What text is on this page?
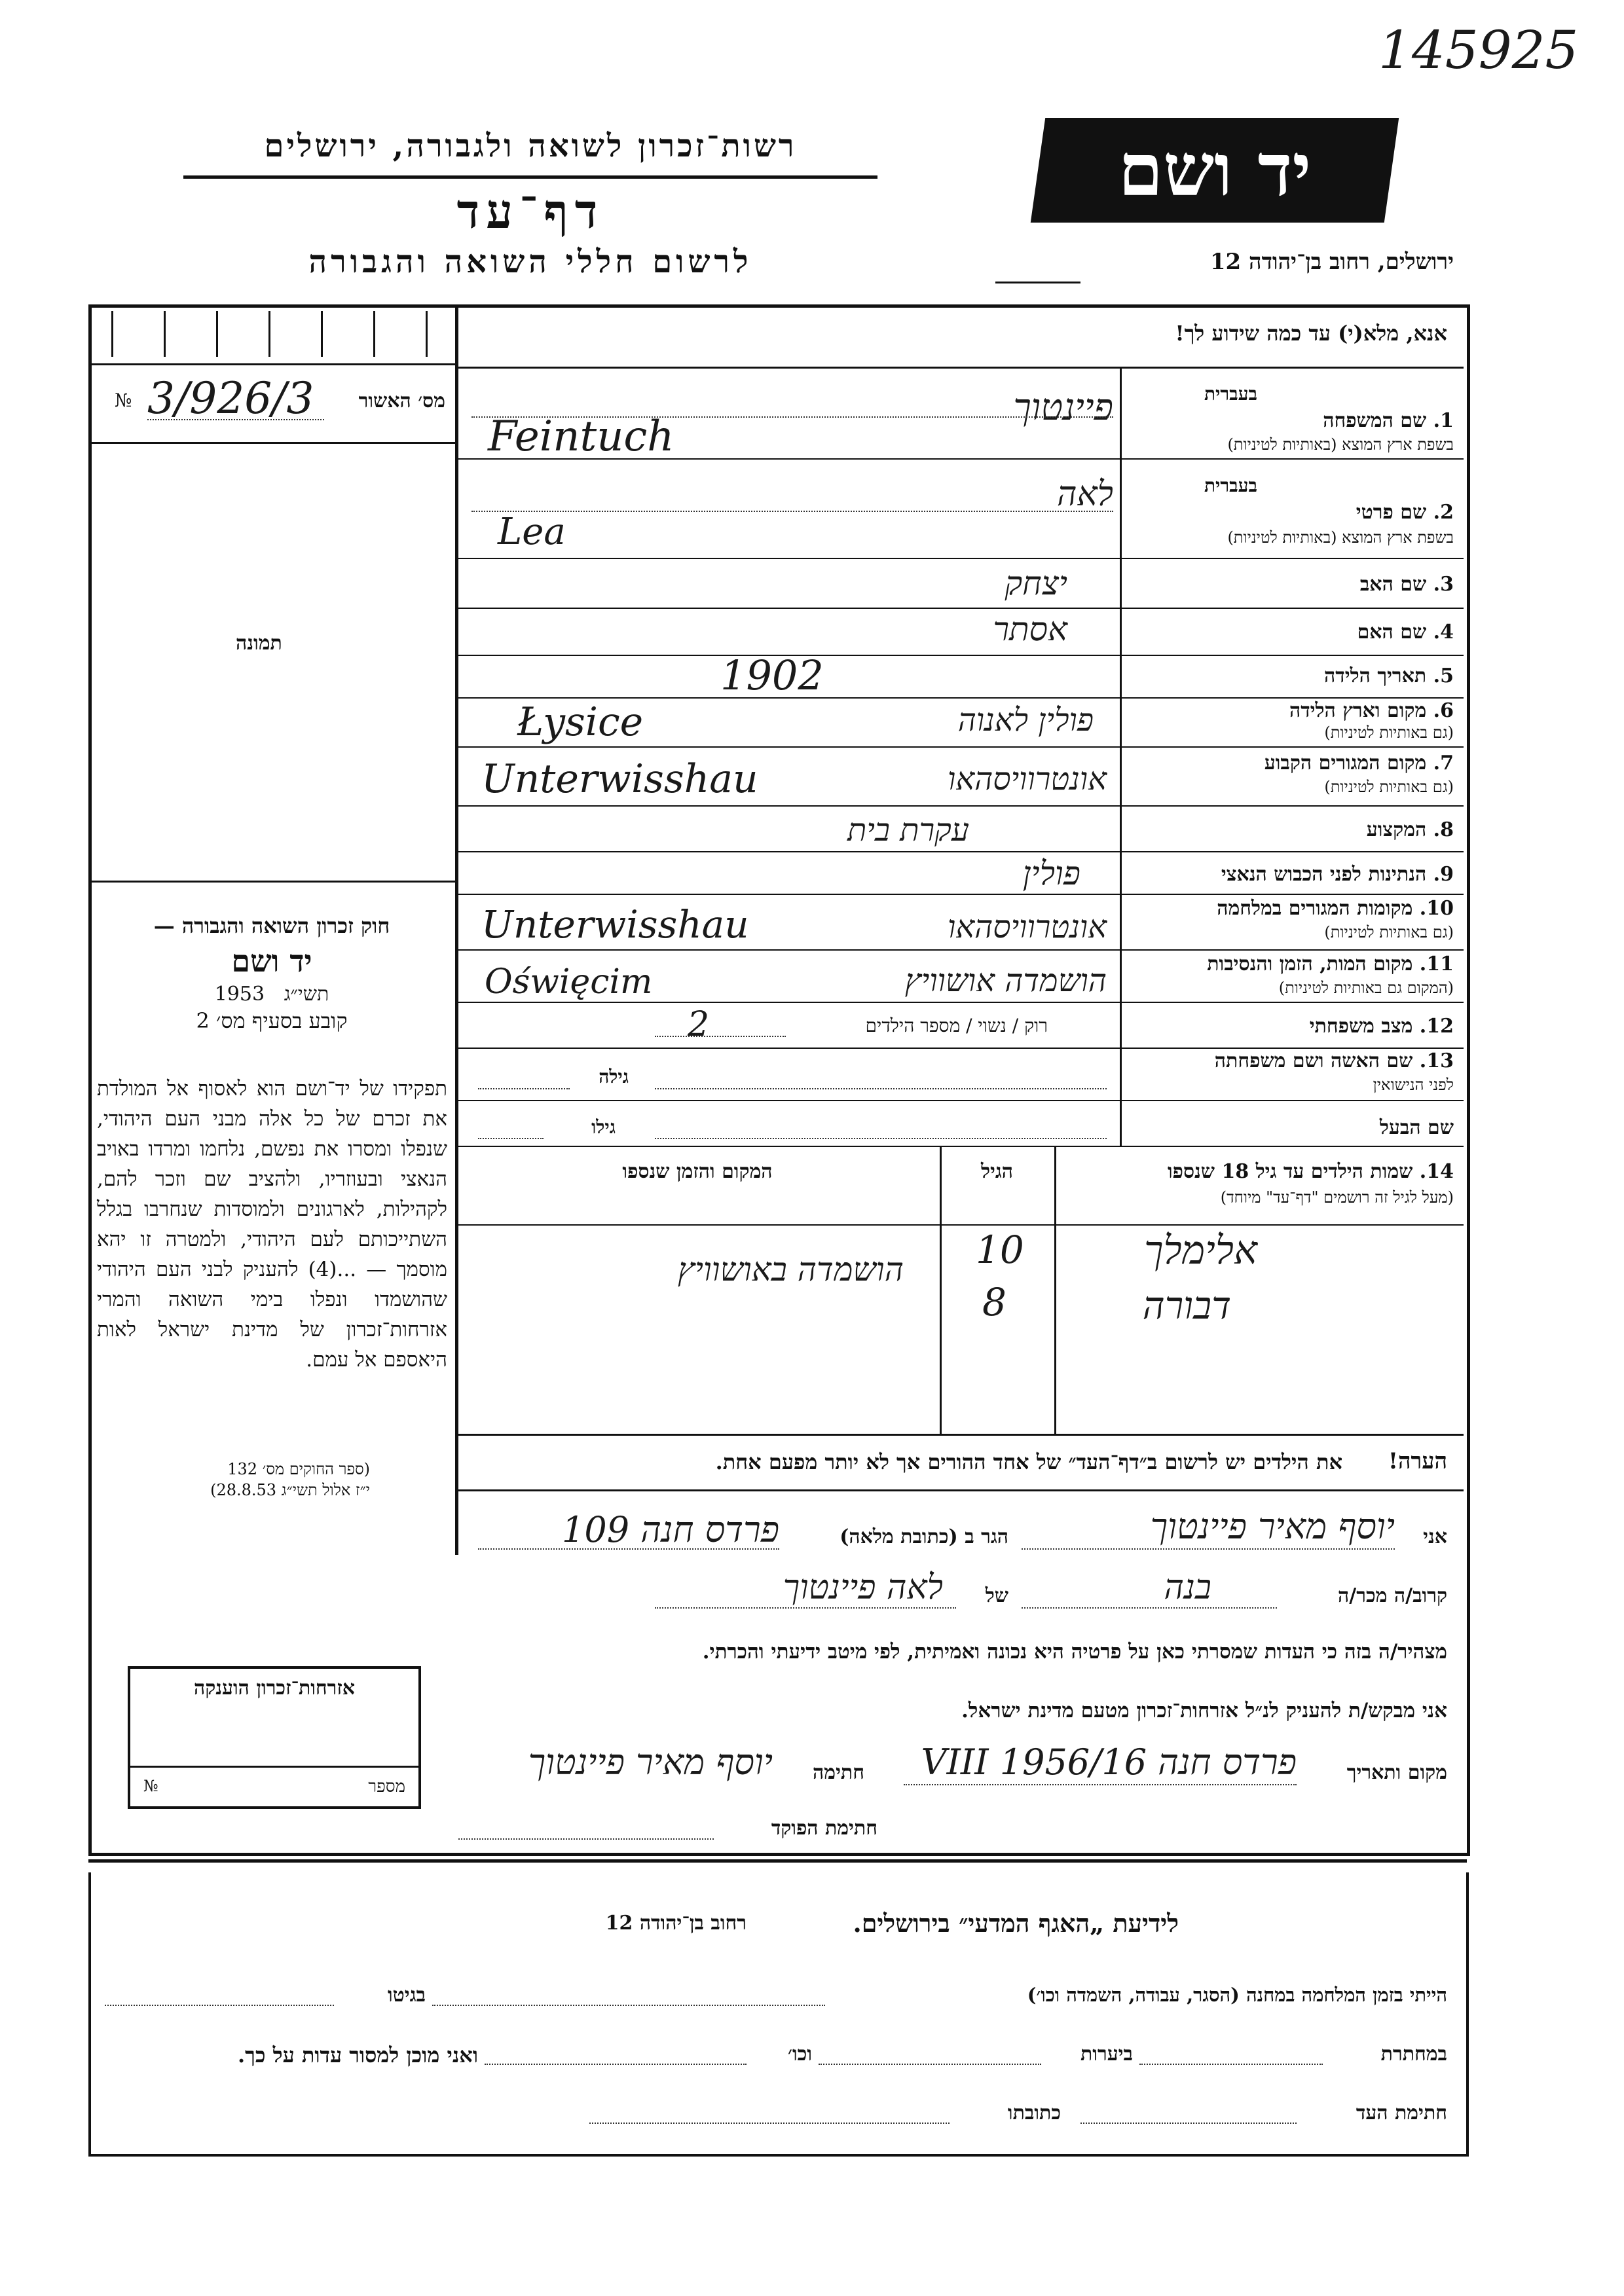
145925
רשות־זכרון לשואה ולגבורה, ירושלים
דף־עד
לרשום חללי השואה והגבורה
יד ושם
ירושלים, רחוב בן־יהודה 12
№ 3/926/3	מס׳ האשור
תמונה
חוק זכרון השואה והגבורה —
יד ושם
תשי״ג 1953
קובע בסעיף מס׳ 2
תפקידו של יד־ושם הוא לאסוף אל המולדת את זכרם של כל אלה מבני העם היהודי, שנפלו ומסרו את נפשם, נלחמו ומרדו באויב הנאצי ובעוזריו, ולהציב שם וזכר להם, לקהילות, לארגונים ולמוסדות שנחרבו בגלל השתייכותם לעם היהודי, ולמטרה זו יהא מוסמך — ...(4) להעניק לבני העם היהודי שהושמדו ונפלו בימי השואה והמרי אזרחות־זכרון של מדינת ישראל לאות היאספם אל עמם.
(ספר החוקים מס׳ 132
י״ז אלול תשי״ג 28.8.53)
אנא, מלא(י) עד כמה שידוע לך!
בעברית
1. שם המשפחה
בשפת ארץ המוצא (באותיות לטיניות)
פיינטוך
Feintuch
בעברית
2. שם פרטי
בשפת ארץ המוצא (באותיות לטיניות)
לאה
Lea
3. שם האב
יצחק
4. שם האם
אסתר
5. תאריך הלידה
1902
6. מקום וארץ הלידה
(גם באותיות לטיניות)
פולין לאנוה
Łysice
7. מקום המגורים הקבוע
(גם באותיות לטיניות)
אונטרוויסהאו
Unterwisshau
8. המקצוע
עקרת בית
9. הנתינות לפני הכבוש הנאצי
פולין
10. מקומות המגורים במלחמה
(גם באותיות לטיניות)
אונטרוויסהאו
Unterwisshau
11. מקום המות, הזמן והנסיבות
(המקום גם באותיות לטיניות)
הושמדה אושוויץ
Oświęcim
12. מצב משפחתי
רוק / נשוי / מספר הילדים
2
13. שם האשה ושם משפחתה
לפני הנישואין
גילה
שם הבעל
גילו
14. שמות הילדים עד גיל 18 שנספו
(מעל לגיל זה רושמים "דף־עד" מיוחד)
הגיל
המקום והזמן שנספו
אלימלך
10
הושמדה באושוויץ
דבורה
8
הערה!
את הילדים יש לרשום ב״דף־העד״ של אחד ההורים אך לא יותר מפעם אחת.
אני
יוסף מאיר פיינטוך
הגר ב (כתובת מלאה)
פרדס חנה 109
קרוב/ה מכר/ה
בנה
של
לאה פיינטוך
מצהיר/ה בזה כי העדות שמסרתי כאן על פרטיה היא נכונה ואמיתית, לפי מיטב ידיעתי והכרתי.
אני מבקש/ת להעניק לנ״ל אזרחות־זכרון מטעם מדינת ישראל.
מקום ותאריך
פרדס חנה 16/VIII 1956
חתימה
יוסף מאיר פיינטוך
חתימת הפוקד
אזרחות־זכרון הוענקה
№	מספר
לידיעת „האגף המדעי״ בירושלים.
רחוב בן־יהודה 12
הייתי בזמן המלחמה במחנה (הסגר, עבודה, השמדה וכו׳)
בגיטו
במחתרת
ביערות
וכו׳
ואני מוכן למסור עדות על כך.
חתימת העד
כתובתו
